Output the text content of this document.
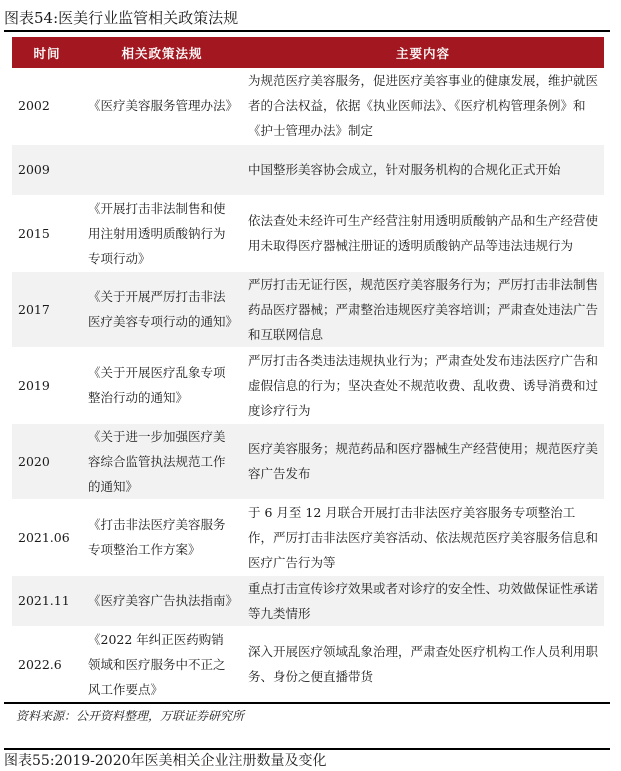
图表54:医美行业监管相关政策法规
时间	相关政策法规	主要内容
2002	《医疗美容服务管理办法》	为规范医疗美容服务，促进医疗美容事业的健康发展，维护就医者的合法权益，依据《执业医师法》、《医疗机构管理条例》和《护士管理办法》制定
2009		中国整形美容协会成立，针对服务机构的合规化正式开始
2015	《开展打击非法制售和使用注射用透明质酸钠行为专项行动》	依法查处未经许可生产经营注射用透明质酸钠产品和生产经营使用未取得医疗器械注册证的透明质酸钠产品等违法违规行为
2017	《关于开展严厉打击非法医疗美容专项行动的通知》	严厉打击无证行医，规范医疗美容服务行为；严厉打击非法制售药品医疗器械；严肃整治违规医疗美容培训；严肃查处违法广告和互联网信息
2019	《关于开展医疗乱象专项整治行动的通知》	严厉打击各类违法违规执业行为；严肃查处发布违法医疗广告和虚假信息的行为；坚决查处不规范收费、乱收费、诱导消费和过度诊疗行为
2020	《关于进一步加强医疗美容综合监管执法规范工作的通知》	医疗美容服务；规范药品和医疗器械生产经营使用；规范医疗美容广告发布
2021.06	《打击非法医疗美容服务专项整治工作方案》	于 6 月至 12 月联合开展打击非法医疗美容服务专项整治工作，严厉打击非法医疗美容活动、依法规范医疗美容服务信息和医疗广告行为等
2021.11	《医疗美容广告执法指南》	重点打击宣传诊疗效果或者对诊疗的安全性、功效做保证性承诺等九类情形
2022.6	《2022 年纠正医药购销领域和医疗服务中不正之风工作要点》	深入开展医疗领域乱象治理，严肃查处医疗机构工作人员利用职务、身份之便直播带货
资料来源：公开资料整理，万联证券研究所
图表55:2019-2020年医美相关企业注册数量及变化
